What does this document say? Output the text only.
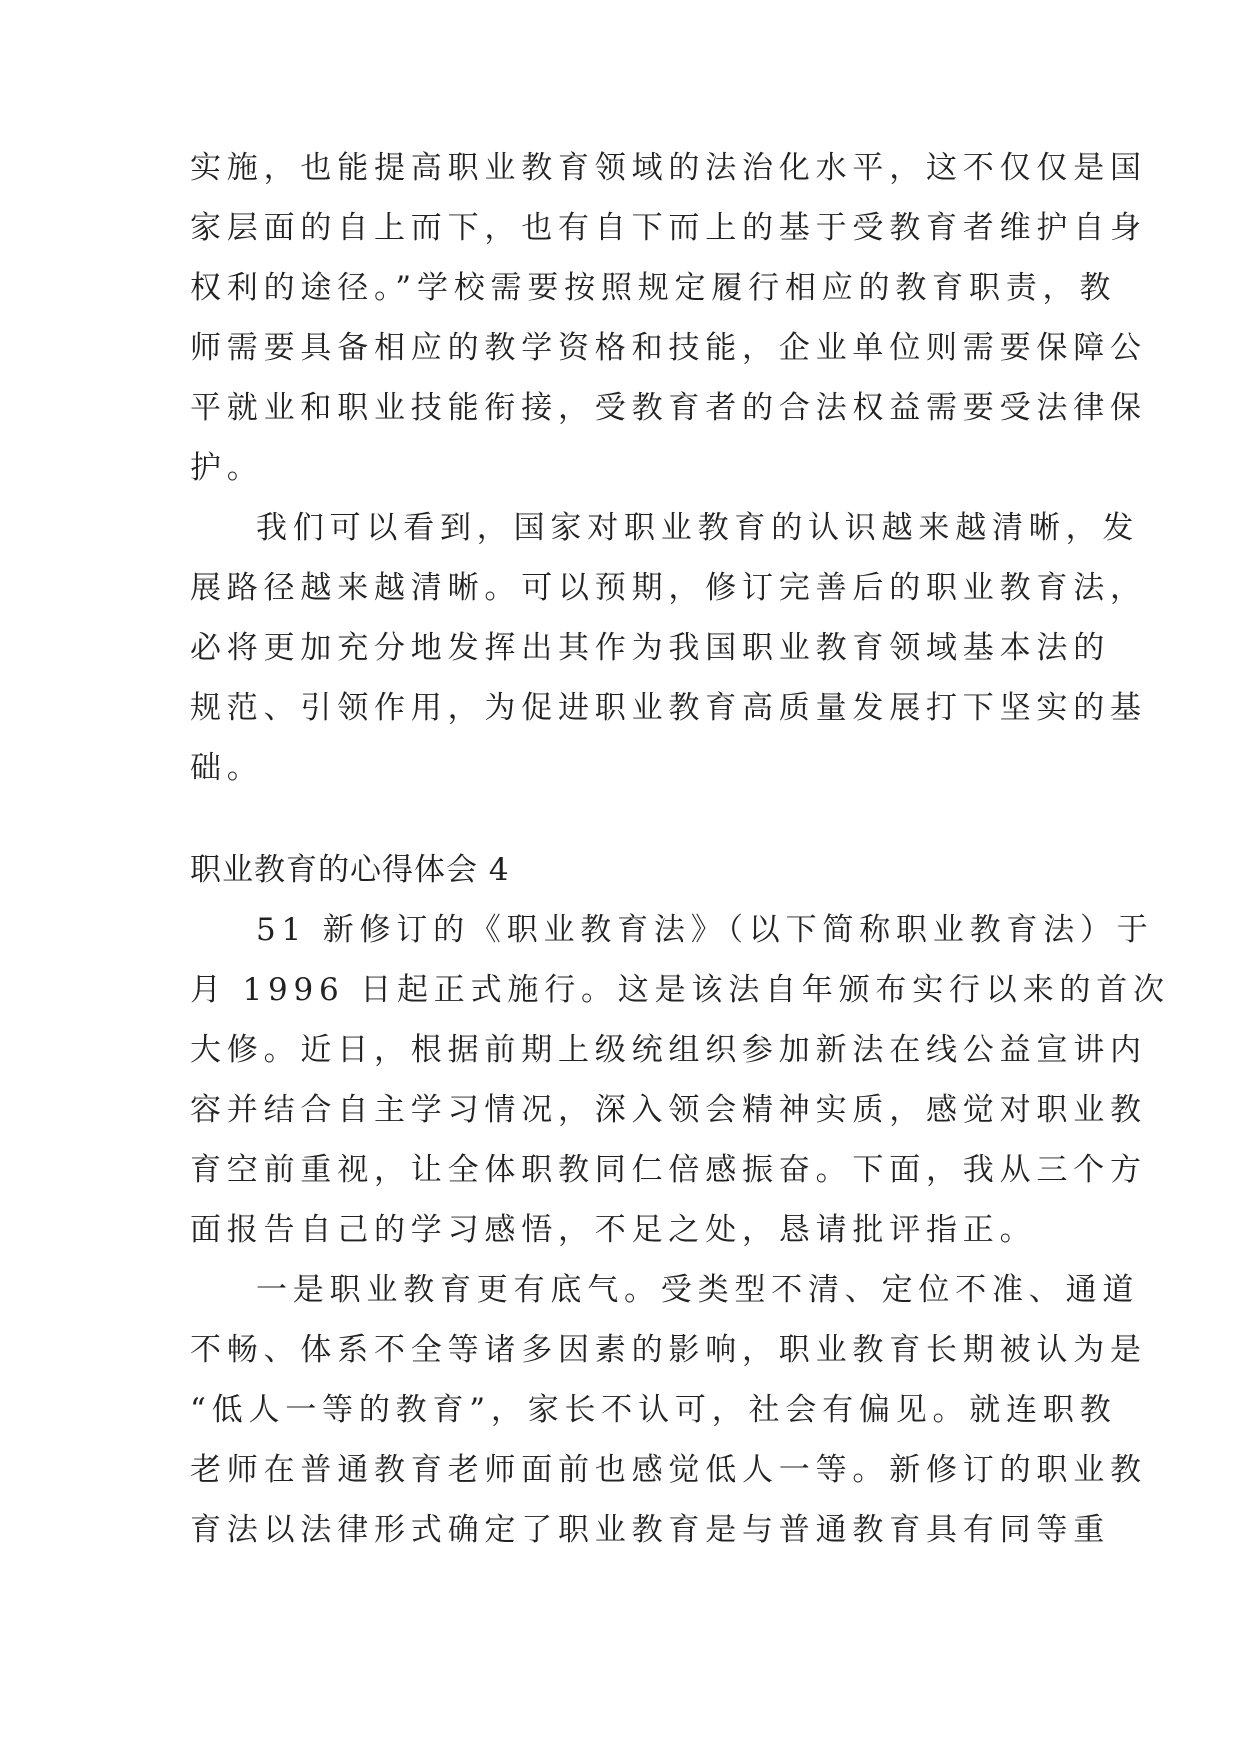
实施，也能提高职业教育领域的法治化水平，这不仅仅是国
家层面的自上而下，也有自下而上的基于受教育者维护自身
权利的途径。”学校需要按照规定履行相应的教育职责，教
师需要具备相应的教学资格和技能，企业单位则需要保障公
平就业和职业技能衔接，受教育者的合法权益需要受法律保
护。
我们可以看到，国家对职业教育的认识越来越清晰，发
展路径越来越清晰。可以预期，修订完善后的职业教育法，
必将更加充分地发挥出其作为我国职业教育领域基本法的
规范、引领作用，为促进职业教育高质量发展打下坚实的基
础。
职业教育的心得体会 4
51 新修订的《职业教育法》（以下简称职业教育法）于
月 1996 日起正式施行。这是该法自年颁布实行以来的首次
大修。近日，根据前期上级统组织参加新法在线公益宣讲内
容并结合自主学习情况，深入领会精神实质，感觉对职业教
育空前重视，让全体职教同仁倍感振奋。下面，我从三个方
面报告自己的学习感悟，不足之处，恳请批评指正。
一是职业教育更有底气。受类型不清、定位不准、通道
不畅、体系不全等诸多因素的影响，职业教育长期被认为是
“低人一等的教育”，家长不认可，社会有偏见。就连职教
老师在普通教育老师面前也感觉低人一等。新修订的职业教
育法以法律形式确定了职业教育是与普通教育具有同等重
